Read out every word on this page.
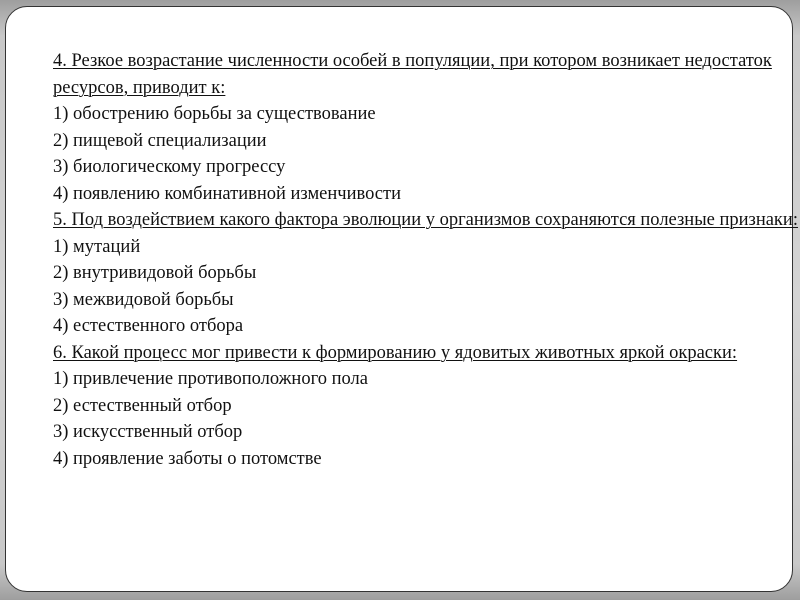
4. Резкое возрастание численности особей в популяции, при котором возникает недостаток ресурсов, приводит к:
1) обострению борьбы за существование
2) пищевой специализации
3) биологическому прогрессу
4) появлению комбинативной изменчивости
5. Под воздействием какого фактора эволюции у организмов сохраняются полезные признаки:
1) мутаций
2) внутривидовой борьбы
3) межвидовой борьбы
4) естественного отбора
6. Какой процесс мог привести к формированию у ядовитых животных яркой окраски:
1) привлечение противоположного пола
2) естественный отбор
3) искусственный отбор
4) проявление заботы о потомстве
